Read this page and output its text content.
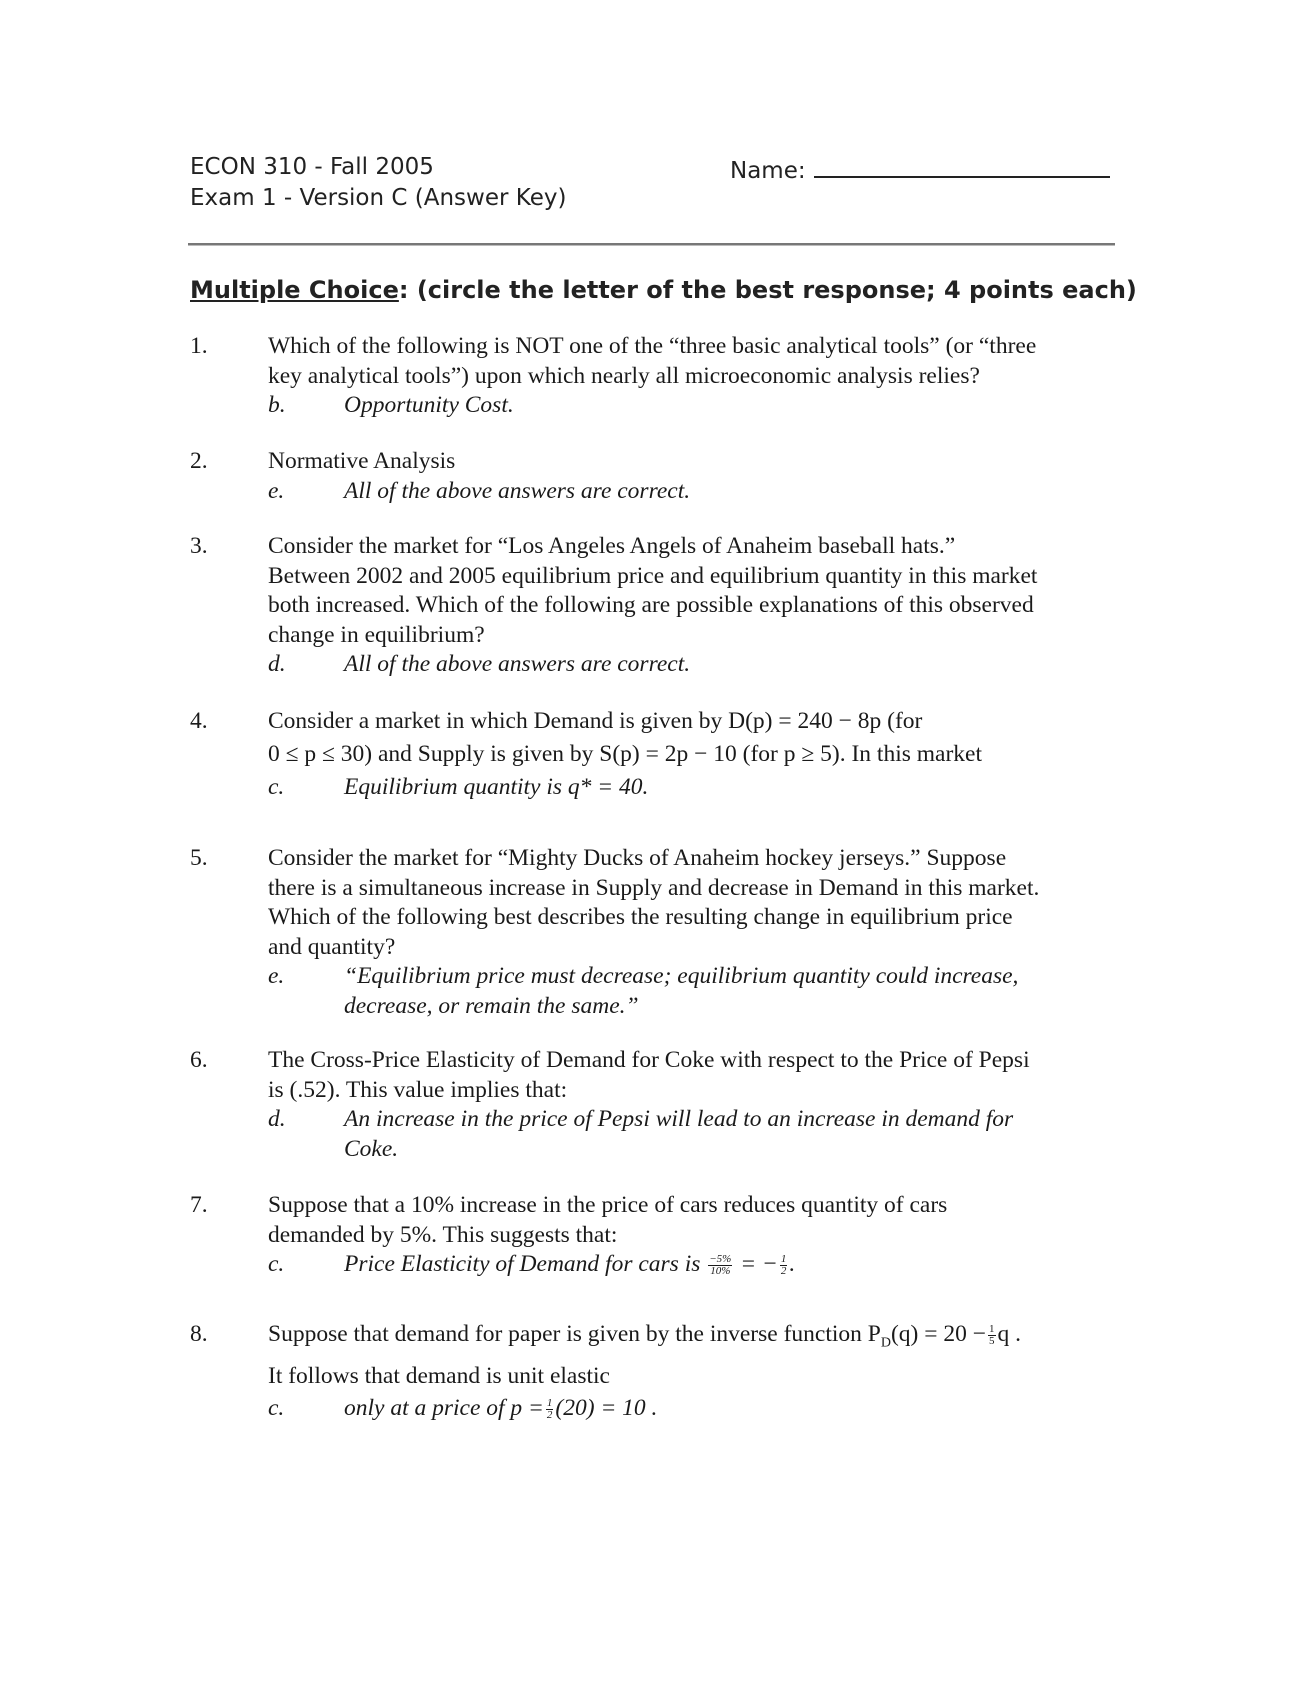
ECON 310 - Fall 2005
Exam 1 - Version C (Answer Key)
Name:
Multiple Choice: (circle the letter of the best response; 4 points each)
1.	Which of the following is NOT one of the “three basic analytical tools” (or “three
key analytical tools”) upon which nearly all microeconomic analysis relies?
b. Opportunity Cost.
2.	Normative Analysis
e.	All of the above answers are correct.
3.	Consider the market for “Los Angeles Angels of Anaheim baseball hats.”
Between 2002 and 2005 equilibrium price and equilibrium quantity in this market
both increased. Which of the following are possible explanations of this observed
change in equilibrium?
d. All of the above answers are correct.
4.	Consider a market in which Demand is given by D(p) = 240 − 8p (for
0 ≤ p ≤ 30) and Supply is given by S(p) = 2p − 10 (for p ≥ 5). In this market
c.	Equilibrium quantity is q* = 40.
5.	Consider the market for “Mighty Ducks of Anaheim hockey jerseys.” Suppose
there is a simultaneous increase in Supply and decrease in Demand in this market.
Which of the following best describes the resulting change in equilibrium price
and quantity?
e.	“Equilibrium price must decrease; equilibrium quantity could increase,
decrease, or remain the same.”
6.	The Cross-Price Elasticity of Demand for Coke with respect to the Price of Pepsi
is (.52). This value implies that:
d. An increase in the price of Pepsi will lead to an increase in demand for
Coke.
7.	Suppose that a 10% increase in the price of cars reduces quantity of cars
demanded by 5%. This suggests that:
c.	Price Elasticity of Demand for cars is $\frac{-5\%}{10\%}$ = − $\frac{1}{2}$ .
8.	Suppose that demand for paper is given by the inverse function $P_D(q) = 20 - \frac{1}{5}$ q .
It follows that demand is unit elastic
c.	only at a price of $p = \frac{1}{2} (20) = 10$ .
